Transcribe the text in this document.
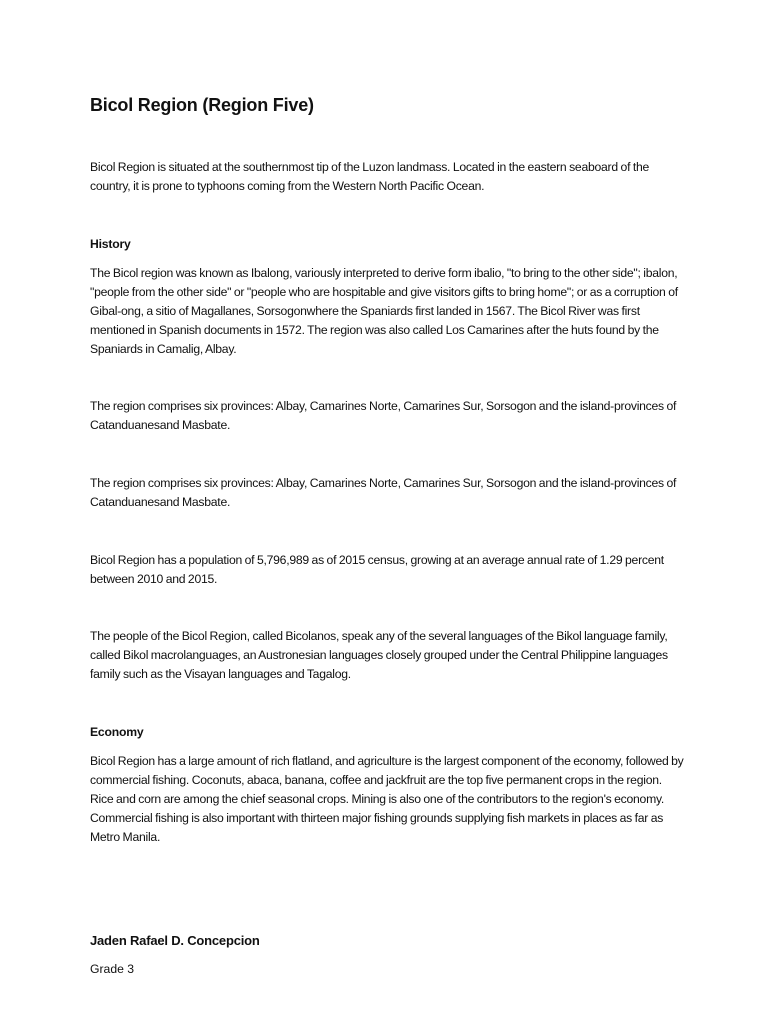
Bicol Region (Region Five)

Bicol Region is situated at the southernmost tip of the Luzon landmass. Located in the eastern seaboard of the country, it is prone to typhoons coming from the Western North Pacific Ocean.

History

The Bicol region was known as Ibalong, variously interpreted to derive form ibalio, "to bring to the other side"; ibalon, "people from the other side" or "people who are hospitable and give visitors gifts to bring home"; or as a corruption of Gibal-ong, a sitio of Magallanes, Sorsogonwhere the Spaniards first landed in 1567. The Bicol River was first mentioned in Spanish documents in 1572. The region was also called Los Camarines after the huts found by the Spaniards in Camalig, Albay.

The region comprises six provinces: Albay, Camarines Norte, Camarines Sur, Sorsogon and the island-provinces of Catanduanesand Masbate.

The region comprises six provinces: Albay, Camarines Norte, Camarines Sur, Sorsogon and the island-provinces of Catanduanesand Masbate.

Bicol Region has a population of 5,796,989 as of 2015 census, growing at an average annual rate of 1.29 percent between 2010 and 2015.

The people of the Bicol Region, called Bicolanos, speak any of the several languages of the Bikol language family, called Bikol macrolanguages, an Austronesian languages closely grouped under the Central Philippine languages family such as the Visayan languages and Tagalog.

Economy

Bicol Region has a large amount of rich flatland, and agriculture is the largest component of the economy, followed by commercial fishing. Coconuts, abaca, banana, coffee and jackfruit are the top five permanent crops in the region. Rice and corn are among the chief seasonal crops. Mining is also one of the contributors to the region's economy. Commercial fishing is also important with thirteen major fishing grounds supplying fish markets in places as far as Metro Manila.

Jaden Rafael D. Concepcion

Grade 3
